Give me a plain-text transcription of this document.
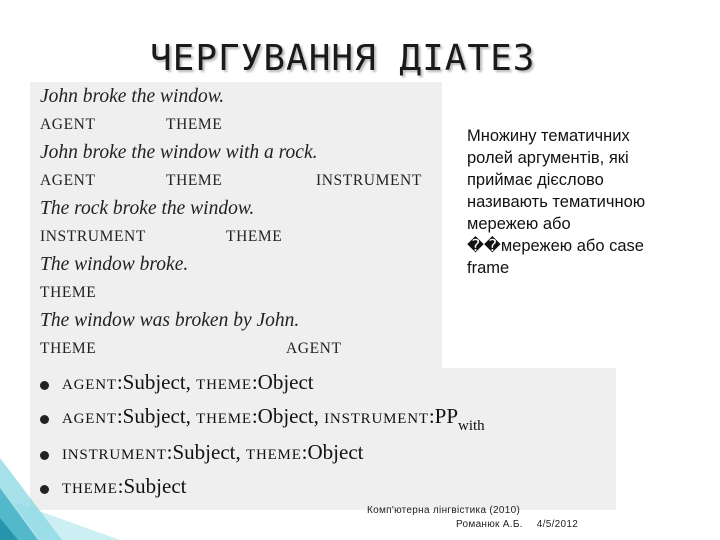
ЧЕРГУВАННЯ ДІАТЕЗ
John broke the window.
AGENT	THEME
John broke the window with a rock.
AGENT	THEME	INSTRUMENT
The rock broke the window.
INSTRUMENT	THEME
The window broke.
THEME
The window was broken by John.
THEME	AGENT
Множину тематичних
ролей аргументів, які
приймає дієслово
називають тематичною
мережею або
��мережею або case
frame
AGENT:Subject, THEME:Object
AGENT:Subject, THEME:Object, $INSTRUMENT:PP_{with}$
INSTRUMENT:Subject, THEME:Object
THEME:Subject
Комп'ютерна лінгвістика (2010)
Романюк А.Б. 4/5/2012
